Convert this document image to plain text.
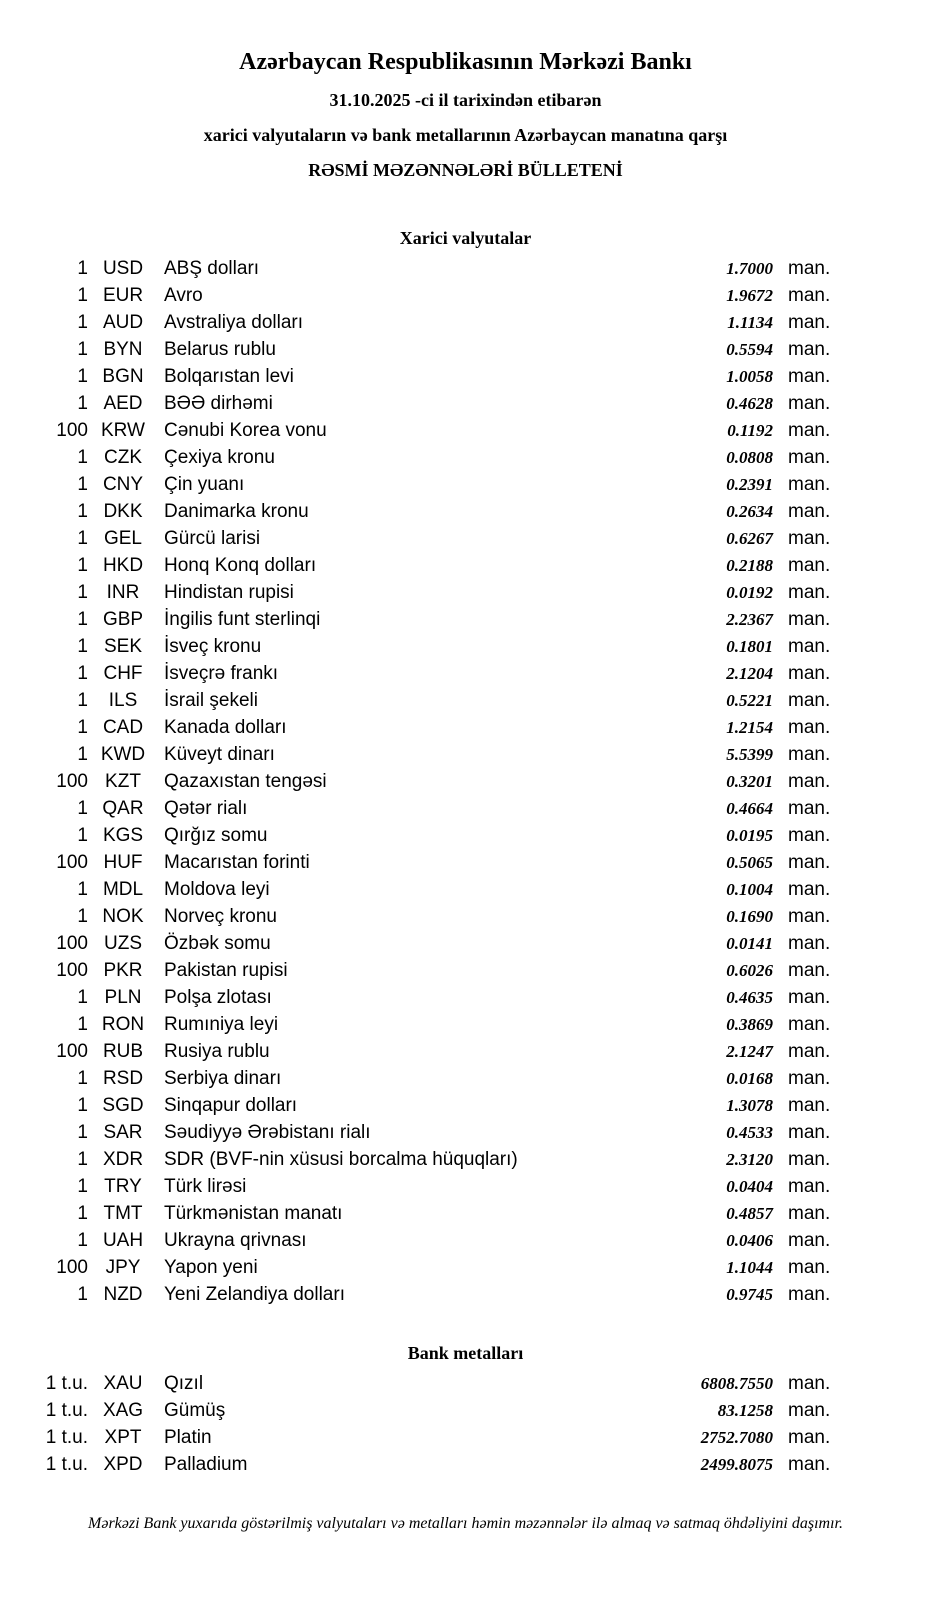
Azərbaycan Respublikasının Mərkəzi Bankı
31.10.2025 -ci il tarixindən etibarən
xarici valyutaların və bank metallarının Azərbaycan manatına qarşı
RƏSMİ MƏZƏNNƏLƏRİ BÜLLETENİ
Xarici valyutalar
1 USD	ABŞ dolları	1.7000 man.
1 EUR	Avro	1.9672 man.
1 AUD	Avstraliya dolları	1.1134 man.
1 BYN	Belarus rublu	0.5594 man.
1 BGN	Bolqarıstan levi	1.0058 man.
1 AED	BƏƏ dirhəmi	0.4628 man.
100 KRW	Cənubi Korea vonu	0.1192 man.
1 CZK	Çexiya kronu	0.0808 man.
1 CNY	Çin yuanı	0.2391 man.
1 DKK	Danimarka kronu	0.2634 man.
1 GEL	Gürcü larisi	0.6267 man.
1 HKD	Honq Konq dolları	0.2188 man.
1 INR	Hindistan rupisi	0.0192 man.
1 GBP	İngilis funt sterlinqi	2.2367 man.
1 SEK	İsveç kronu	0.1801 man.
1 CHF	İsveçrə frankı	2.1204 man.
1	ILS	İsrail şekeli	0.5221 man.
1 CAD	Kanada dolları	1.2154 man.
1 KWD Küveyt dinarı	5.5399 man.
100 KZT	Qazaxıstan tengəsi	0.3201 man.
1 QAR	Qətər rialı	0.4664 man.
1 KGS	Qırğız somu	0.0195 man.
100 HUF	Macarıstan forinti	0.5065 man.
1 MDL	Moldova leyi	0.1004 man.
1 NOK	Norveç kronu	0.1690 man.
100 UZS	Özbək somu	0.0141 man.
100 PKR	Pakistan rupisi	0.6026 man.
1 PLN	Polşa zlotası	0.4635 man.
1 RON	Rumıniya leyi	0.3869 man.
100 RUB	Rusiya rublu	2.1247 man.
1 RSD	Serbiya dinarı	0.0168 man.
1 SGD	Sinqapur dolları	1.3078 man.
1 SAR	Səudiyyə Ərəbistanı rialı	0.4533 man.
1 XDR	SDR (BVF-nin xüsusi borcalma hüquqları)	2.3120 man.
1 TRY	Türk lirəsi	0.0404 man.
1 TMT	Türkmənistan manatı	0.4857 man.
1 UAH	Ukrayna qrivnası	0.0406 man.
100 JPY	Yapon yeni	1.1044 man.
1 NZD	Yeni Zelandiya dolları	0.9745 man.
Bank metalları
1 t.u. XAU	Qızıl	6808.7550 man.
1 t.u. XAG	Gümüş	83.1258 man.
1 t.u. XPT	Platin	2752.7080 man.
1 t.u. XPD	Palladium	2499.8075 man.
Mərkəzi Bank yuxarıda göstərilmiş valyutaları və metalları həmin məzənnələr ilə almaq və satmaq öhdəliyini daşımır.
